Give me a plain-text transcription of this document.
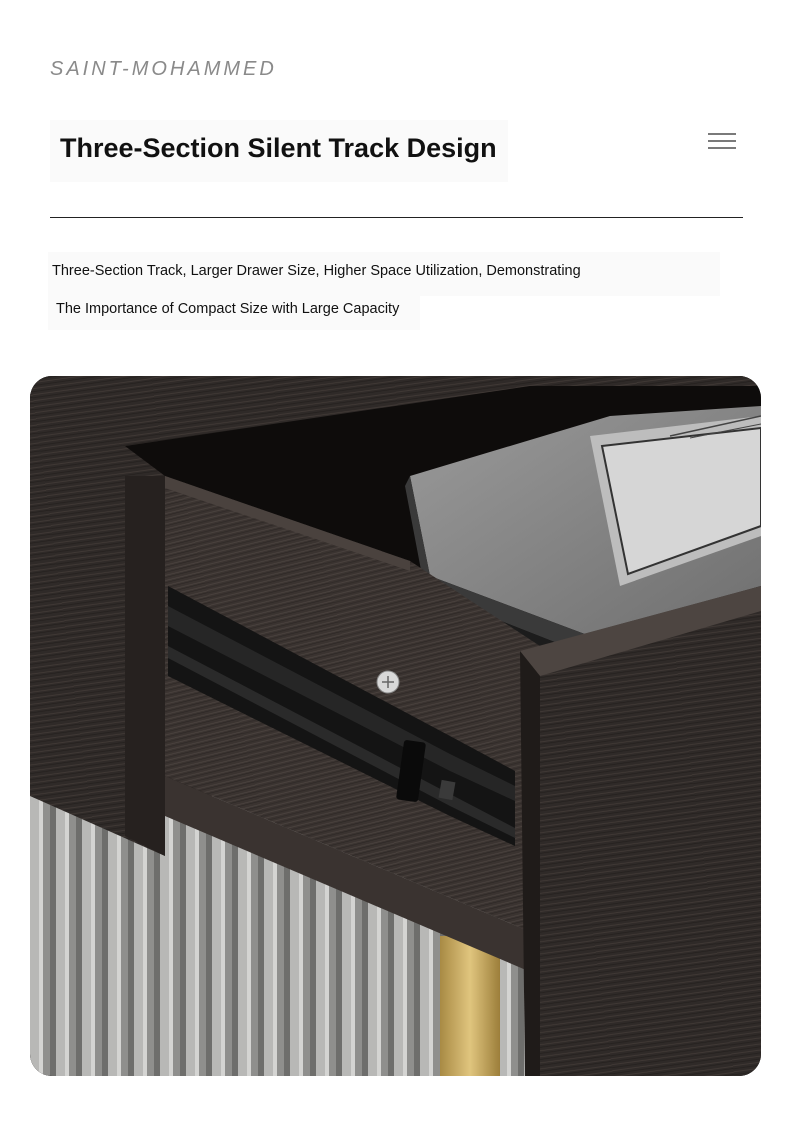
SAINT-MOHAMMED
Three-Section Silent Track Design
Three-Section Track, Larger Drawer Size, Higher Space Utilization, Demonstrating
The Importance of Compact Size with Large Capacity
